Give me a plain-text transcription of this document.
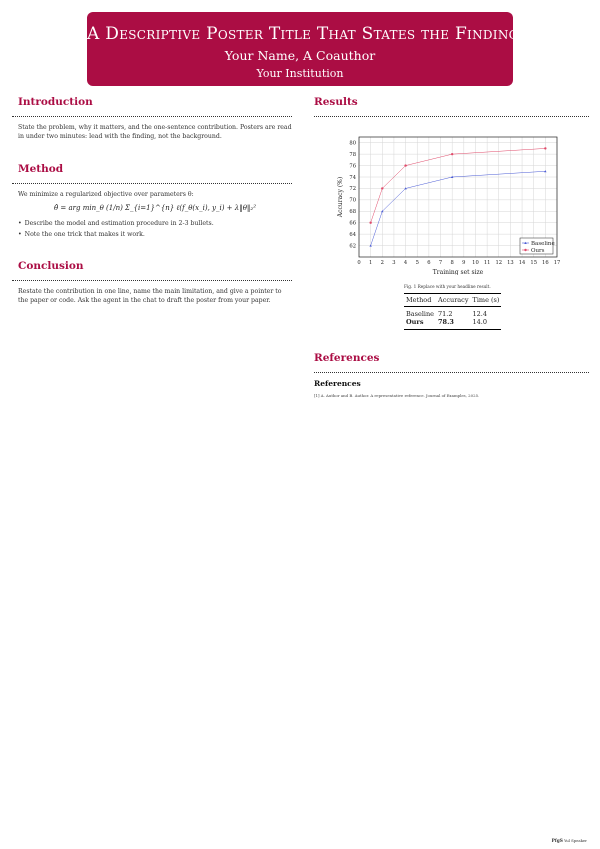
A Descriptive Poster Title That States the Finding
Your Name, A Coauthor
Your Institution
Introduction
State the problem, why it matters, and the one-sentence contribution. Posters are read in under two minutes: lead with the finding, not the background.
Method
We minimize a regularized objective over parameters θ:
θ̂ = arg min_θ (1/n) Σ_{i=1}^{n} ℓ(f_θ(x_i), y_i) + λ‖θ‖₂²
• Describe the model and estimation procedure in 2-3 bullets.
• Note the one trick that makes it work.
Conclusion
Restate the contribution in one line, name the main limitation, and give a pointer to the paper or code. Ask the agent in the chat to draft the poster from your paper.
Results
0 1 2 3 4 5 6 7 8 9 10 11 12 13 14 15 16 17
62
64
66
68
70
72
74
76
78
80
Training set size
Accuracy (%)
Baseline
Ours
Fig. 1 Replace with your headline result.
Method	Accuracy	Time (s)
Baseline	71.2	12.4
Ours	78.3	14.0
References
References
[1] A. Author and B. Author. A representative reference. Journal of Examples, 2025.
PfgS Yul Speaker
